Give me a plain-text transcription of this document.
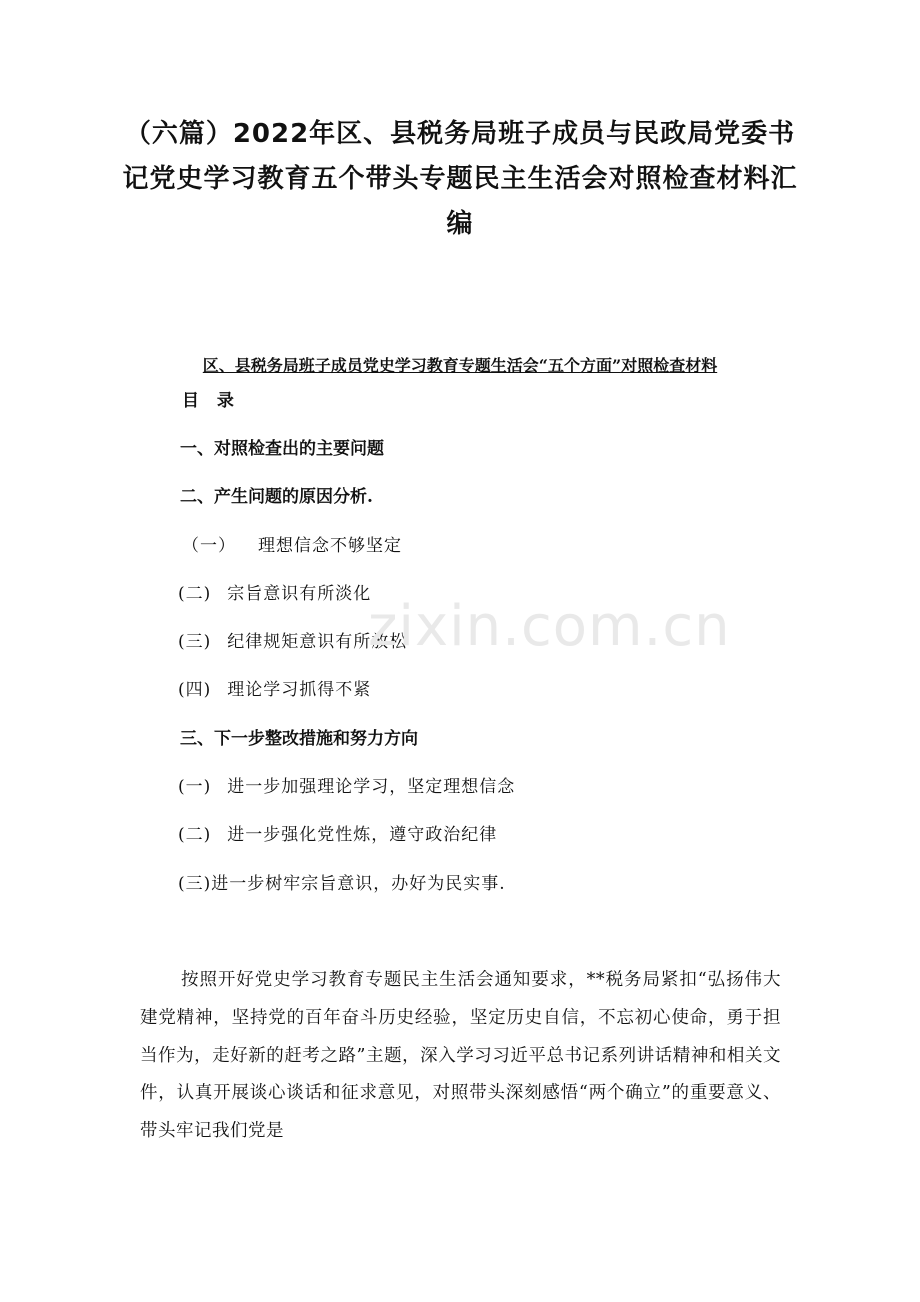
（六篇）2022年区、县税务局班子成员与民政局党委书记党史学习教育五个带头专题民主生活会对照检查材料汇编
区、县税务局班子成员党史学习教育专题生活会“五个方面”对照检查材料
目 录
一、对照检查出的主要问题
二、产生问题的原因分析.
（一） 理想信念不够坚定
(二) 宗旨意识有所淡化
(三) 纪律规矩意识有所放松
(四) 理论学习抓得不紧
三、下一步整改措施和努力方向
(一) 进一步加强理论学习，坚定理想信念
(二) 进一步强化党性炼，遵守政治纪律
(三)进一步树牢宗旨意识，办好为民实事.
zixin.com.cn

按照开好党史学习教育专题民主生活会通知要求，**税务局紧扣“弘扬伟大建党精神，坚持党的百年奋斗历史经验，坚定历史自信，不忘初心使命，勇于担当作为，走好新的赶考之路”主题，深入学习习近平总书记系列讲话精神和相关文件，认真开展谈心谈话和征求意见，对照带头深刻感悟“两个确立”的重要意义、带头牢记我们党是
